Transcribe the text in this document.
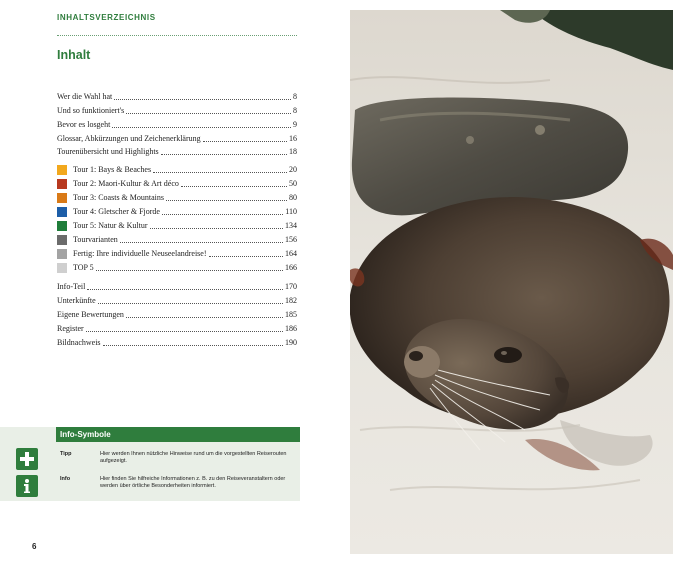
INHALTSVERZEICHNIS
Inhalt
Wer die Wahl hat	8
Und so funktioniert's	8
Bevor es losgeht	9
Glossar, Abkürzungen und Zeichenerklärung	16
Tourenübersicht und Highlights	18
Tour 1: Bays & Beaches	20
Tour 2: Maori-Kultur & Art déco	50
Tour 3: Coasts & Mountains	80
Tour 4: Gletscher & Fjorde	110
Tour 5: Natur & Kultur	134
Tourvarianten	156
Fertig: Ihre individuelle Neuseelandreise!	164
TOP 5	166
Info-Teil	170
Unterkünfte	182
Eigene Bewertungen	185
Register	186
Bildnachweis	190
Info-Symbole
Tipp	Hier werden Ihnen nützliche Hinweise rund um die vorgestellten Reiserouten aufgezeigt.
Info	Hier finden Sie hilfreiche Informationen z. B. zu den Reiseveranstaltern oder werden über örtliche Besonderheiten informiert.
6
